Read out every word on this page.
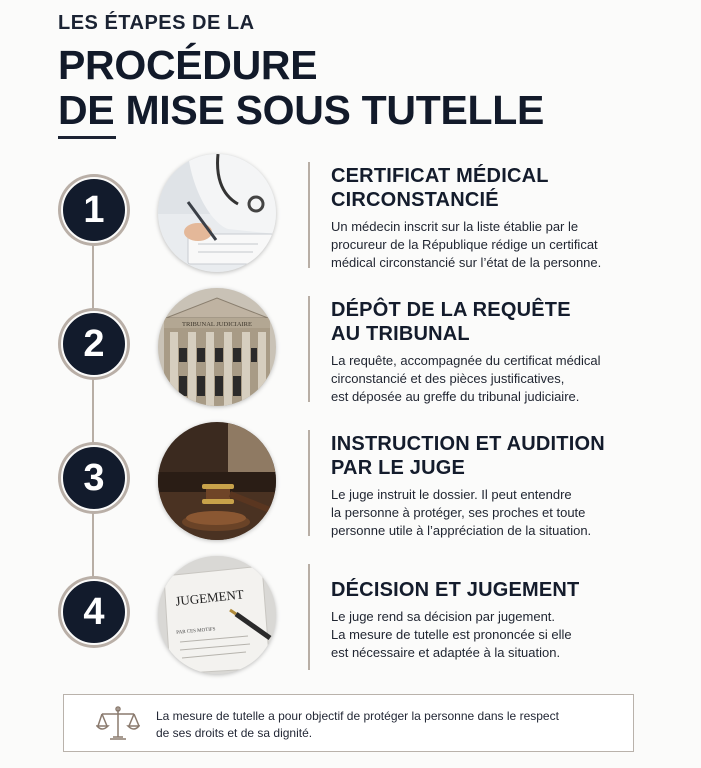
LES ÉTAPES DE LA
PROCÉDURE
DE MISE SOUS TUTELLE
1
CERTIFICAT MÉDICAL
CIRCONSTANCIÉ
Un médecin inscrit sur la liste établie par le
procureur de la République rédige un certificat
médical circonstancié sur l’état de la personne.
2	TRIBUNAL JUDICIAIRE
DÉPÔT DE LA REQUÊTE
AU TRIBUNAL
La requête, accompagnée du certificat médical
circonstancié et des pièces justificatives,
est déposée au greffe du tribunal judiciaire.
3
INSTRUCTION ET AUDITION
PAR LE JUGE
Le juge instruit le dossier. Il peut entendre
la personne à protéger, ses proches et toute
personne utile à l’appréciation de la situation.
4	JUGEMENT
PAR CES MOTIFS
DÉCISION ET JUGEMENT
Le juge rend sa décision par jugement.
La mesure de tutelle est prononcée si elle
est nécessaire et adaptée à la situation.
La mesure de tutelle a pour objectif de protéger la personne dans le respect
de ses droits et de sa dignité.
